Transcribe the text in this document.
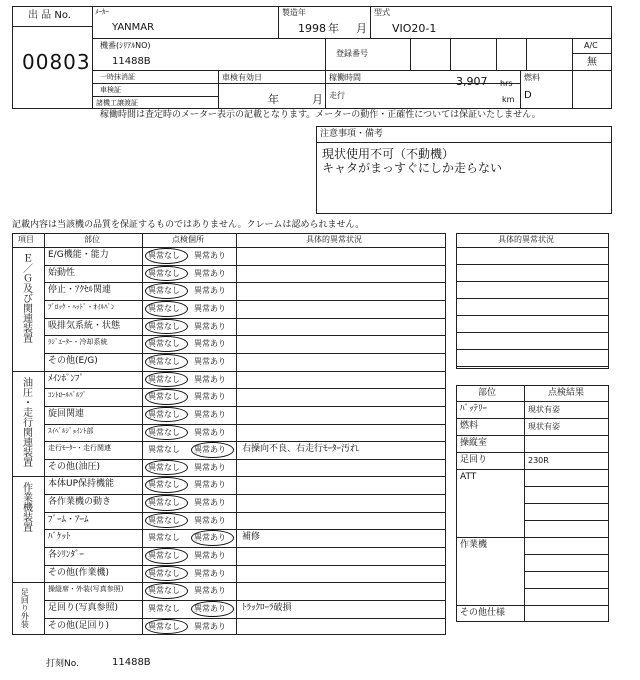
出 品 No.
00803
ﾒｰｶｰ
YANMAR
製造年
1998 年 月
型式
VIO20-1
機番(ｼﾘｱﾙNO)
11488B
登録番号
A/C
無
一時抹消証
車検証
諸機工譲渡証
車検有効日
年	月
稼働時間	3,907 hrs
走行	km
燃料
D
稼働時間は査定時のメーター表示の記載となります。メーターの動作・正確性については保証いたしません。
注意事項・備考
現状使用不可（不動機）
キャタがまっすぐにしか走らない
記載内容は当該機の品質を保証するものではありません。クレームは認められません。
項目	部位	点検個所	具体的異常状況
Ｅ／Ｇ及び関連装置 E/G機能・能力	異常なし 異常あり
始動性	異常なし 異常あり
停止・ｱｸｾﾙ関連	異常なし 異常あり
ﾌﾞﾛｯｸ・ﾍｯﾄﾞ・ｵｲﾙﾊﾟﾝ	異常なし 異常あり
吸排気系統・状態	異常なし 異常あり
ﾗｼﾞｴｰﾀｰ・冷却系統	異常なし 異常あり
その他(E/G)	異常なし 異常あり
油圧・走行関連装置 ﾒｲﾝﾎﾟﾝﾌﾟ	異常なし 異常あり
ｺﾝﾄﾛｰﾙﾊﾞﾙﾌﾞ	異常なし 異常あり
旋回関連	異常なし 異常あり
ｽｲﾍﾞﾙｼﾞｮｲﾝﾄ部	異常なし 異常あり
走行ﾓｰﾀｰ・走行関連	異常なし 異常あり 右操向不良、右走行ﾓｰﾀｰ汚れ
その他(油圧)	異常なし 異常あり
作業機装置 本体UP保持機能	異常なし 異常あり
各作業機の動き	異常なし 異常あり
ﾌﾞｰﾑ・ｱｰﾑ	異常なし 異常あり
ﾊﾞｹｯﾄ	異常なし 異常あり 補修
各ｼﾘﾝﾀﾞｰ	異常なし 異常あり
その他(作業機)	異常なし 異常あり
足回り外装	操縦席・外装(写真参照)	異常なし 異常あり
足回り(写真参照)	異常なし 異常あり ﾄﾗｯｸﾛｰﾗ破損
その他(足回り)	異常なし 異常あり
具体的異常状況
部位	点検結果
ﾊﾞｯﾃﾘｰ	現状有姿
燃料	現状有姿
操縦室
足回り	230R
ATT
作業機
その他仕様
打刻No.	11488B
